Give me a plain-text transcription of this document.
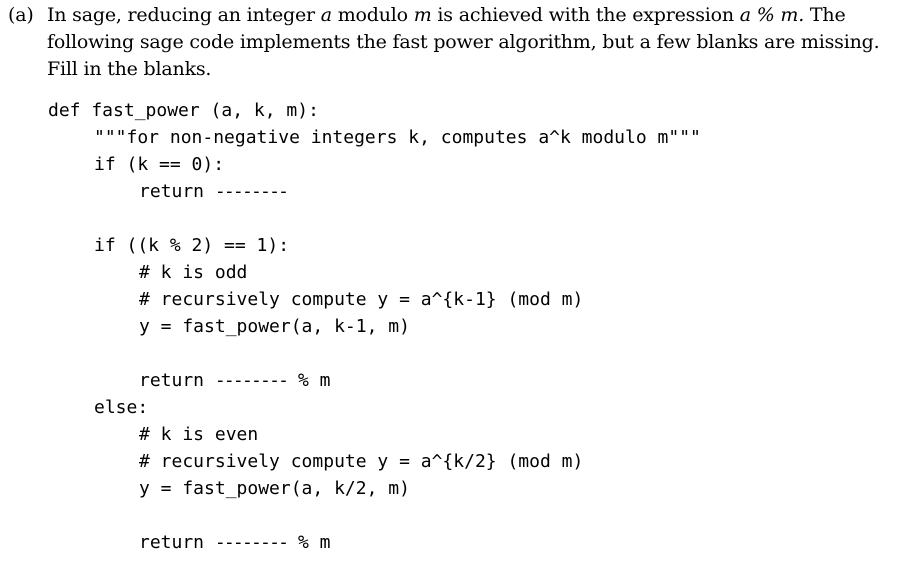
(a) In sage, reducing an integer a modulo m is achieved with the expression a % m. The
following sage code implements the fast power algorithm, but a few blanks are missing.
Fill in the blanks.
def fast_power (a, k, m):
"""for non-negative integers k, computes a^k modulo m"""
if (k == 0):
return --------
if ((k % 2) == 1):
# k is odd
# recursively compute y = a^{k-1} (mod m)
y = fast_power(a, k-1, m)
return -------- % m
else:
# k is even
# recursively compute y = a^{k/2} (mod m)
y = fast_power(a, k/2, m)
return -------- % m
